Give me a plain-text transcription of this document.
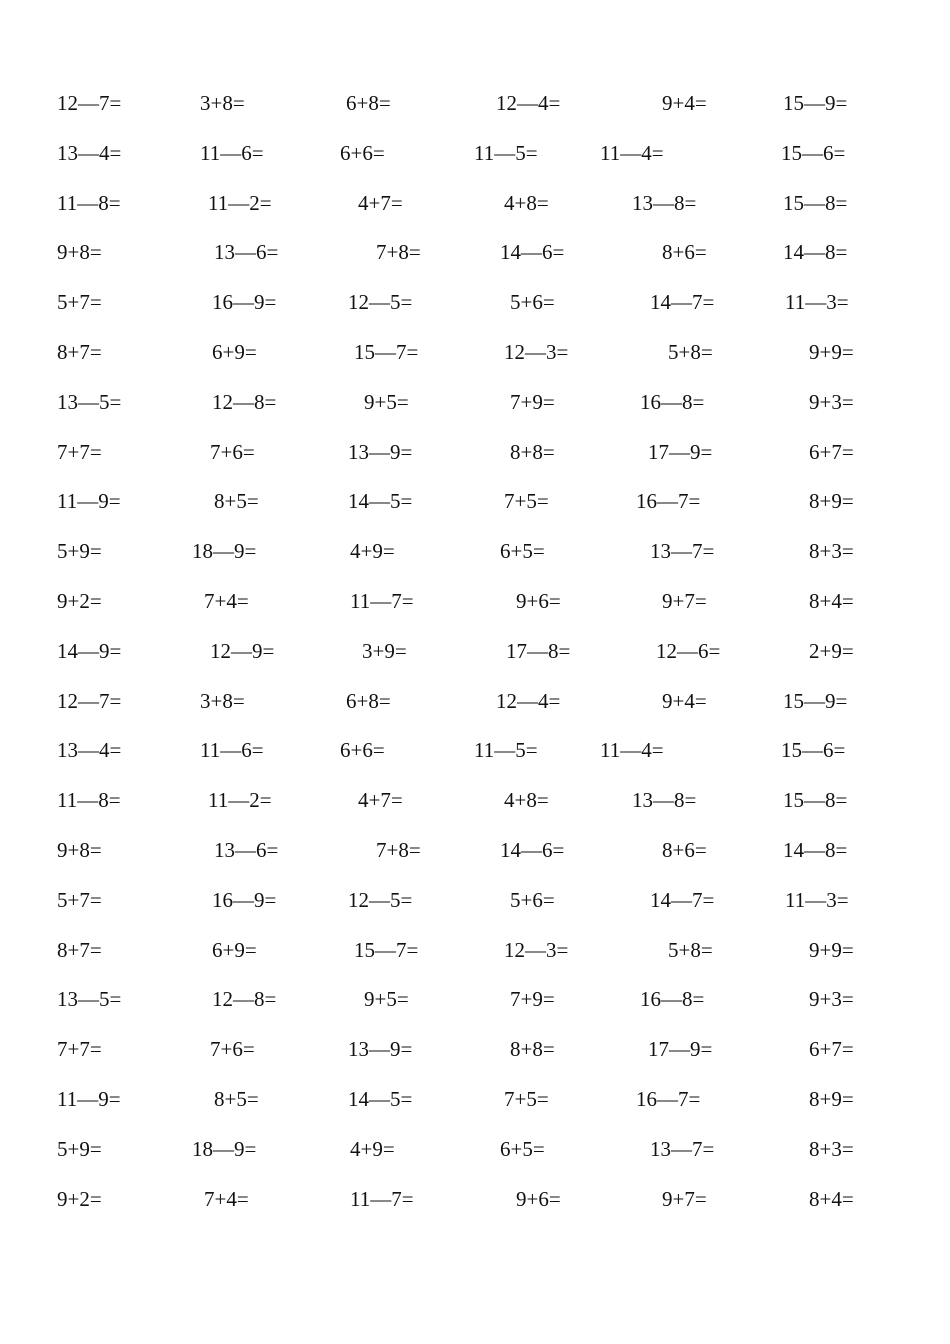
12—7=	3+8=	6+8=	12—4=	9+4=	15—9=
13—4=	11—6=	6+6=	11—5=	11—4=	15—6=
11—8=	11—2=	4+7=	4+8=	13—8=	15—8=
9+8=	13—6=	7+8=	14—6=	8+6=	14—8=
5+7=	16—9=	12—5=	5+6=	14—7=	11—3=
8+7=	6+9=	15—7=	12—3=	5+8=	9+9=
13—5=	12—8=	9+5=	7+9=	16—8=	9+3=
7+7=	7+6=	13—9=	8+8=	17—9=	6+7=
11—9=	8+5=	14—5=	7+5=	16—7=	8+9=
5+9=	18—9=	4+9=	6+5=	13—7=	8+3=
9+2=	7+4=	11—7=	9+6=	9+7=	8+4=
14—9=	12—9=	3+9=	17—8=	12—6=	2+9=
12—7=	3+8=	6+8=	12—4=	9+4=	15—9=
13—4=	11—6=	6+6=	11—5=	11—4=	15—6=
11—8=	11—2=	4+7=	4+8=	13—8=	15—8=
9+8=	13—6=	7+8=	14—6=	8+6=	14—8=
5+7=	16—9=	12—5=	5+6=	14—7=	11—3=
8+7=	6+9=	15—7=	12—3=	5+8=	9+9=
13—5=	12—8=	9+5=	7+9=	16—8=	9+3=
7+7=	7+6=	13—9=	8+8=	17—9=	6+7=
11—9=	8+5=	14—5=	7+5=	16—7=	8+9=
5+9=	18—9=	4+9=	6+5=	13—7=	8+3=
9+2=	7+4=	11—7=	9+6=	9+7=	8+4=
